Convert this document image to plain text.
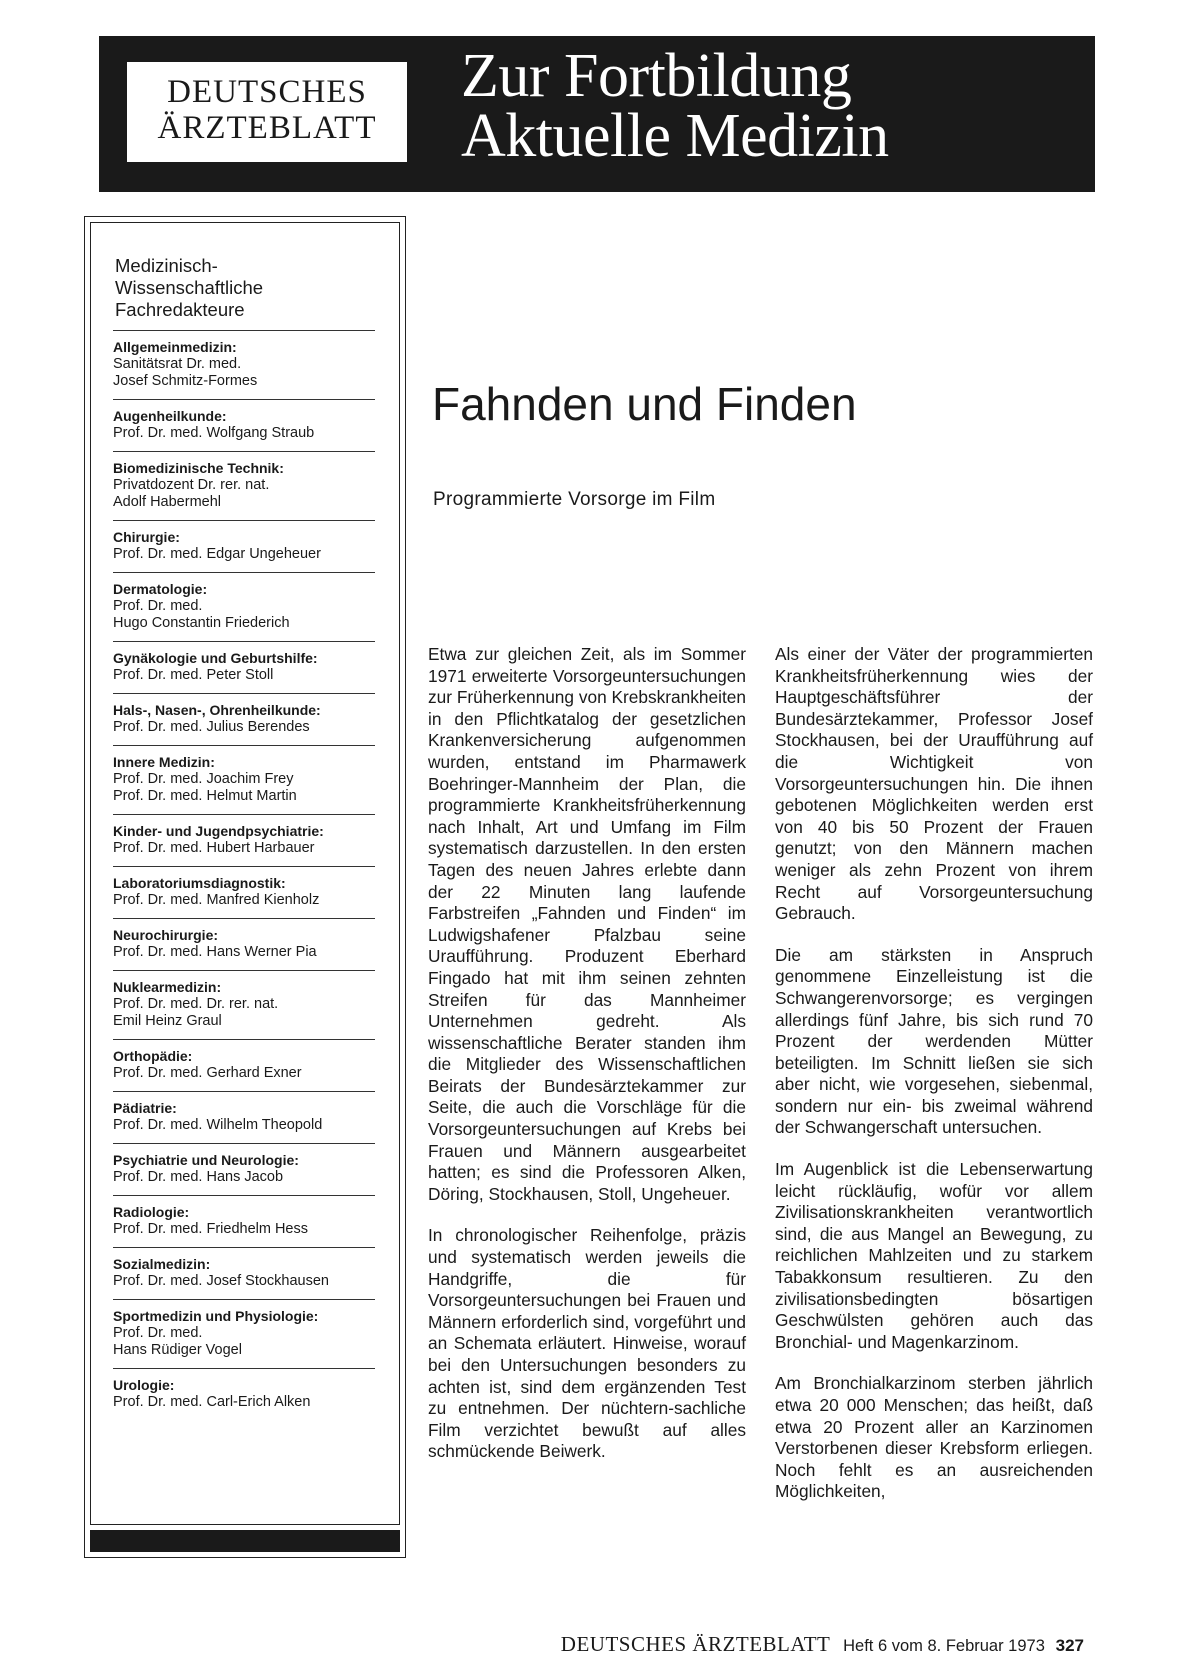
DEUTSCHES
ÄRZTEBLATT
Zur Fortbildung
Aktuelle Medizin
Medizinisch-
Wissenschaftliche
Fachredakteure
Allgemeinmedizin:
Sanitätsrat Dr. med.
Josef Schmitz-Formes
Augenheilkunde:
Prof. Dr. med. Wolfgang Straub
Biomedizinische Technik:
Privatdozent Dr. rer. nat.
Adolf Habermehl
Chirurgie:
Prof. Dr. med. Edgar Ungeheuer
Dermatologie:
Prof. Dr. med.
Hugo Constantin Friederich
Gynäkologie und Geburtshilfe:
Prof. Dr. med. Peter Stoll
Hals-, Nasen-, Ohrenheilkunde:
Prof. Dr. med. Julius Berendes
Innere Medizin:
Prof. Dr. med. Joachim Frey
Prof. Dr. med. Helmut Martin
Kinder- und Jugendpsychiatrie:
Prof. Dr. med. Hubert Harbauer
Laboratoriumsdiagnostik:
Prof. Dr. med. Manfred Kienholz
Neurochirurgie:
Prof. Dr. med. Hans Werner Pia
Nuklearmedizin:
Prof. Dr. med. Dr. rer. nat.
Emil Heinz Graul
Orthopädie:
Prof. Dr. med. Gerhard Exner
Pädiatrie:
Prof. Dr. med. Wilhelm Theopold
Psychiatrie und Neurologie:
Prof. Dr. med. Hans Jacob
Radiologie:
Prof. Dr. med. Friedhelm Hess
Sozialmedizin:
Prof. Dr. med. Josef Stockhausen
Sportmedizin und Physiologie:
Prof. Dr. med.
Hans Rüdiger Vogel
Urologie:
Prof. Dr. med. Carl-Erich Alken
Fahnden und Finden
Programmierte Vorsorge im Film

Etwa zur gleichen Zeit, als im Sommer 1971 erweiterte Vorsorgeuntersuchungen zur Früherkennung von Krebskrankheiten in den Pflichtkatalog der gesetzlichen Krankenversicherung aufgenommen wurden, entstand im Pharmawerk Boehringer-Mannheim der Plan, die programmierte Krankheitsfrüherkennung nach Inhalt, Art und Umfang im Film systematisch darzustellen. In den ersten Tagen des neuen Jahres erlebte dann der 22 Minuten lang laufende Farbstreifen „Fahnden und Finden“ im Ludwigshafener Pfalzbau seine Uraufführung. Produzent Eberhard Fingado hat mit ihm seinen zehnten Streifen für das Mannheimer Unternehmen gedreht. Als wissenschaftliche Berater standen ihm die Mitglieder des Wissenschaftlichen Beirats der Bundesärztekammer zur Seite, die auch die Vorschläge für die Vorsorgeuntersuchungen auf Krebs bei Frauen und Männern ausgearbeitet hatten; es sind die Professoren Alken, Döring, Stockhausen, Stoll, Ungeheuer.

In chronologischer Reihenfolge, präzis und systematisch werden jeweils die Handgriffe, die für Vorsorgeuntersuchungen bei Frauen und Männern erforderlich sind, vorgeführt und an Schemata erläutert. Hinweise, worauf bei den Untersuchungen besonders zu achten ist, sind dem ergänzenden Test zu entnehmen. Der nüchtern-sachliche Film verzichtet bewußt auf alles schmückende Beiwerk.

Als einer der Väter der programmierten Krankheitsfrüherkennung wies der Hauptgeschäftsführer der Bundesärztekammer, Professor Josef Stockhausen, bei der Uraufführung auf die Wichtigkeit von Vorsorgeuntersuchungen hin. Die ihnen gebotenen Möglichkeiten werden erst von 40 bis 50 Prozent der Frauen genutzt; von den Männern machen weniger als zehn Prozent von ihrem Recht auf Vorsorgeuntersuchung Gebrauch.

Die am stärksten in Anspruch genommene Einzelleistung ist die Schwangerenvorsorge; es vergingen allerdings fünf Jahre, bis sich rund 70 Prozent der werdenden Mütter beteiligten. Im Schnitt ließen sie sich aber nicht, wie vorgesehen, siebenmal, sondern nur ein- bis zweimal während der Schwangerschaft untersuchen.

Im Augenblick ist die Lebenserwartung leicht rückläufig, wofür vor allem Zivilisationskrankheiten verantwortlich sind, die aus Mangel an Bewegung, zu reichlichen Mahlzeiten und zu starkem Tabakkonsum resultieren. Zu den zivilisationsbedingten bösartigen Geschwülsten gehören auch das Bronchial- und Magenkarzinom.

Am Bronchialkarzinom sterben jährlich etwa 20 000 Menschen; das heißt, daß etwa 20 Prozent aller an Karzinomen Verstorbenen dieser Krebsform erliegen. Noch fehlt es an ausreichenden Möglichkeiten,

DEUTSCHES ÄRZTEBLATT Heft 6 vom 8. Februar 1973 327
